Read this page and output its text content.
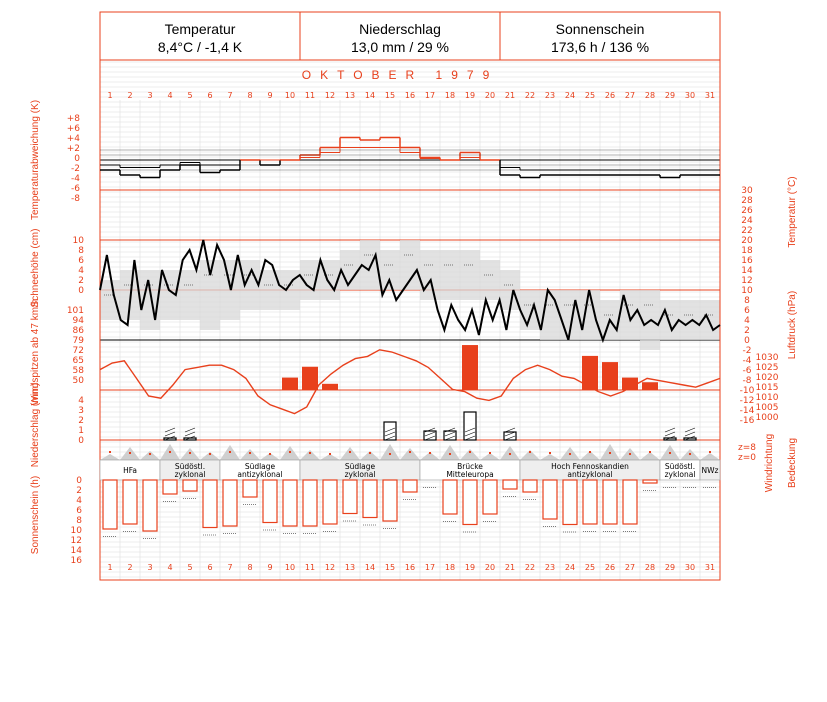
Temperatur
8,4°C / -1,4 K
Niederschlag
13,0 mm / 29 %
Sonnenschein
173,6 h / 136 %
OKTOBER 1979
1 2 3 4 5 6 7 8 9 10 11 12 13 14 15 16 17 18 19 20 21 22 23 24 25 26 27 28 29 30 31
1 2 3 4 5 6 7 8 9 10 11 12 13 14 15 16 17 18 19 20 21 22 23 24 25 26 27 28 29 30 31
HFa	Südöstl.
zyklonal
Südlage
antizyklonal
Südlage
zyklonal
Brücke
Mitteleuropa
Hoch Fennoskandien
antizyklonal
Südöstl.
zyklonal NWz
+8
+6
+4
+2
0
-2
-4
-6
-8
10
8
6
4
2
0
101
94
86
79
72
65
58
50
4
3
2
1
0
0
2
4
6
8
10
12
14
16
30
28
26
24
22
20
18
16
14
12
10
8
6
4
2
0
-2
-4
-6
-8
-10
-12
-14
-16
1030
1025
1020
1015
1010
1005
1000
z=8
z=0
Temperaturabweichung (K)
Schneehöhe (cm)
Windspitzen ab 47 km/h
Niederschlag (mm)
Sonnenschein (h)
Temperatur (°C)
Luftdruck (hPa)
Windrichtung Bedeckung
